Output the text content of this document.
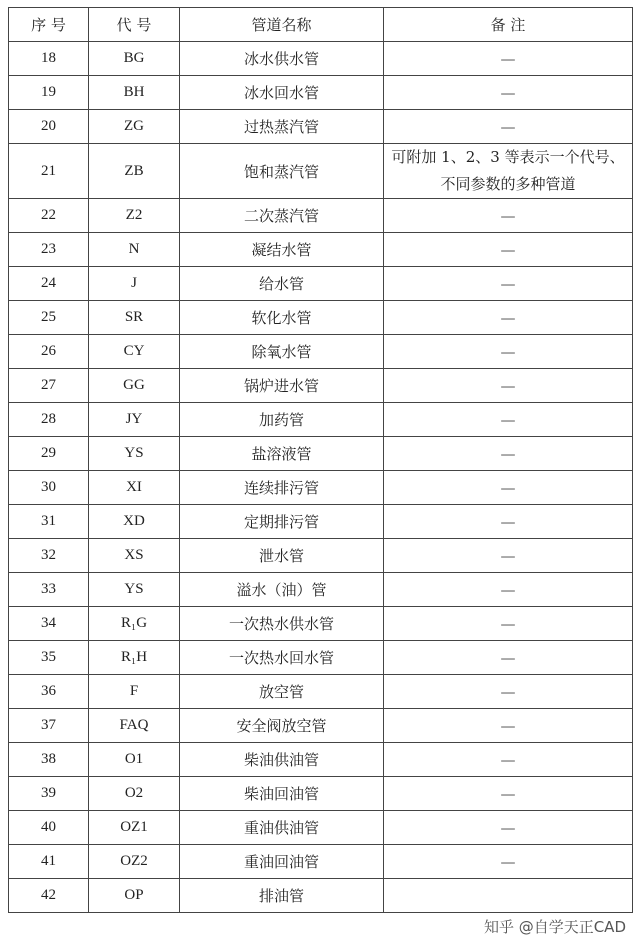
序 号	代 号	管道名称	备 注
18	BG	冰水供水管	—
19	BH	冰水回水管	—
20	ZG	过热蒸汽管	—
21	ZB	饱和蒸汽管	可附加 1、2、3 等表示一个代号、不同参数的多种管道
22	Z2	二次蒸汽管	—
23	N	凝结水管	—
24	J	给水管	—
25	SR	软化水管	—
26	CY	除氧水管	—
27	GG	锅炉进水管	—
28	JY	加药管	—
29	YS	盐溶液管	—
30	XI	连续排污管	—
31	XD	定期排污管	—
32	XS	泄水管	—
33	YS	溢水（油）管	—
34	R₁G	一次热水供水管	—
35	R₁H	一次热水回水管	—
36	F	放空管	—
37	FAQ	安全阀放空管	—
38	O1	柴油供油管	—
39	O2	柴油回油管	—
40	OZ1	重油供油管	—
41	OZ2	重油回油管	—
42	OP	排油管	
知乎 @自学天正CAD
